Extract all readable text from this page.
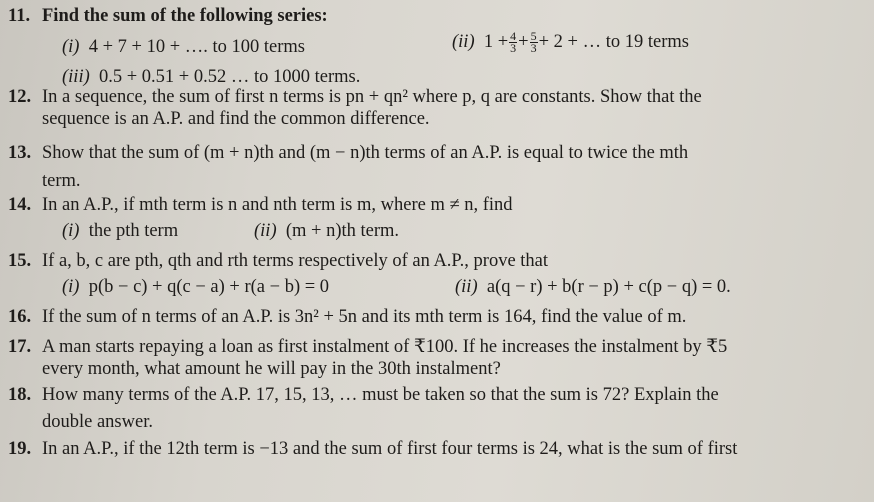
11. Find the sum of the following series:
(i) 4 + 7 + 10 + …. to 100 terms	(ii) $1 + \frac{4}{3} + \frac{5}{3} + 2$ + … to 19 terms
(iii) 0.5 + 0.51 + 0.52 … to 1000 terms.
12. In a sequence, the sum of first n terms is pn + qn² where p, q are constants. Show that the
sequence is an A.P. and find the common difference.
13. Show that the sum of (m + n)th and (m − n)th terms of an A.P. is equal to twice the mth
term.
14. In an A.P., if mth term is n and nth term is m, where m ≠ n, find
(i) the pth term	(ii) (m + n)th term.
15. If a, b, c are pth, qth and rth terms respectively of an A.P., prove that
(i) p(b − c) + q(c − a) + r(a − b) = 0	(ii) a(q − r) + b(r − p) + c(p − q) = 0.
16. If the sum of n terms of an A.P. is 3n² + 5n and its mth term is 164, find the value of m.
17. A man starts repaying a loan as first instalment of ₹100. If he increases the instalment by ₹5
every month, what amount he will pay in the 30th instalment?
18. How many terms of the A.P. 17, 15, 13, … must be taken so that the sum is 72? Explain the
double answer.
19. In an A.P., if the 12th term is −13 and the sum of first four terms is 24, what is the sum of first
